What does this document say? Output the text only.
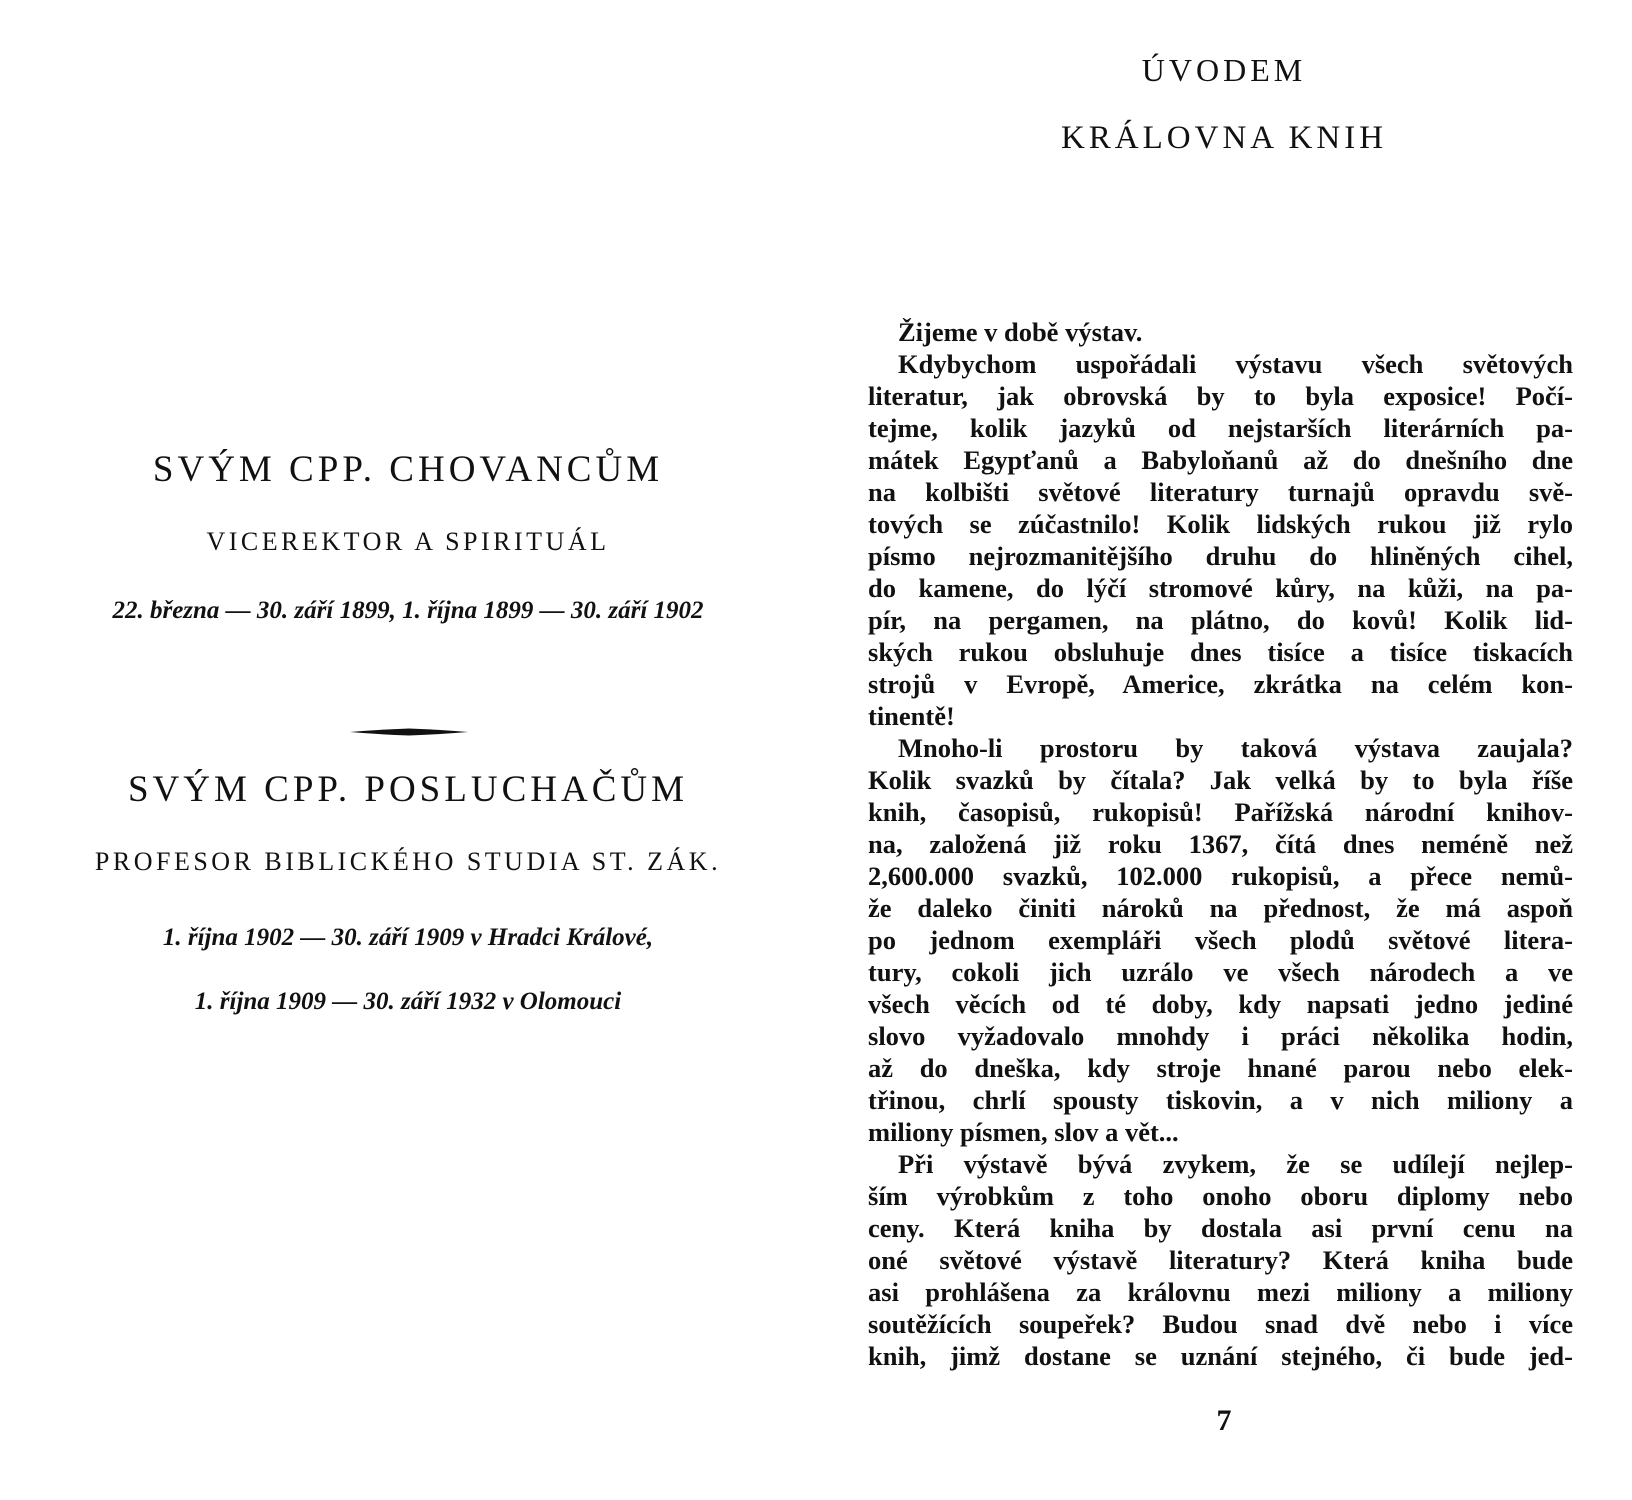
SVÝM CPP. CHOVANCŮM
VICEREKTOR A SPIRITUÁL
22. března — 30. září 1899, 1. října 1899 — 30. září 1902
SVÝM CPP. POSLUCHAČŮM
PROFESOR BIBLICKÉHO STUDIA ST. ZÁK.
1. října 1902 — 30. září 1909 v Hradci Králové,
1. října 1909 — 30. září 1932 v Olomouci
ÚVODEM
KRÁLOVNA KNIH
Žijeme v době výstav.
Kdybychom uspořádali výstavu všech světových
literatur, jak obrovská by to byla exposice! Počí-
tejme, kolik jazyků od nejstarších literárních pa-
mátek Egypťanů a Babyloňanů až do dnešního dne
na kolbišti světové literatury turnajů opravdu svě-
tových se zúčastnilo! Kolik lidských rukou již rylo
písmo nejrozmanitějšího druhu do hliněných cihel,
do kamene, do lýčí stromové kůry, na kůži, na pa-
pír, na pergamen, na plátno, do kovů! Kolik lid-
ských rukou obsluhuje dnes tisíce a tisíce tiskacích
strojů v Evropě, Americe, zkrátka na celém kon-
tinentě!
Mnoho-li prostoru by taková výstava zaujala?
Kolik svazků by čítala? Jak velká by to byla říše
knih, časopisů, rukopisů! Pařížská národní knihov-
na, založená již roku 1367, čítá dnes neméně než
2,600.000 svazků, 102.000 rukopisů, a přece nemů-
že daleko činiti nároků na přednost, že má aspoň
po jednom exempláři všech plodů světové litera-
tury, cokoli jich uzrálo ve všech národech a ve
všech věcích od té doby, kdy napsati jedno jediné
slovo vyžadovalo mnohdy i práci několika hodin,
až do dneška, kdy stroje hnané parou nebo elek-
třinou, chrlí spousty tiskovin, a v nich miliony a
miliony písmen, slov a vět...
Při výstavě bývá zvykem, že se udílejí nejlep-
ším výrobkům z toho onoho oboru diplomy nebo
ceny. Která kniha by dostala asi první cenu na
oné světové výstavě literatury? Která kniha bude
asi prohlášena za královnu mezi miliony a miliony
soutěžících soupeřek? Budou snad dvě nebo i více
knih, jimž dostane se uznání stejného, či bude jed-
7
